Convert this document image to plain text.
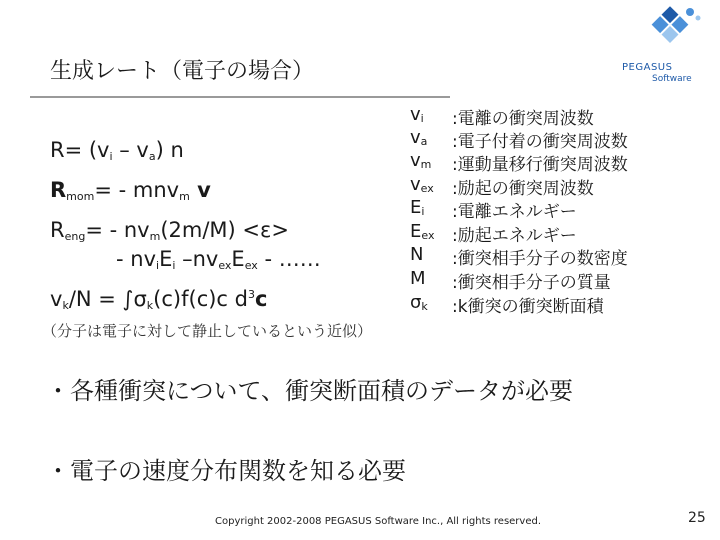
生成レート（電子の場合）	PEGASUS
Software
$R= (v_i - v_a)$ n
$R_{mom}= - mnv_m$ v
$R_{eng}= - nv_m(2m/M) <\varepsilon>$
- $nv_iE_i$ $-nv_{ex}E_{ex}$ - ……
$v_k/N = \int\sigma_k(c)f(c)c$ $d^3c$
（分子は電子に対して静止しているという近似）
$v_i$ :電離の衝突周波数
$v_a$ :電子付着の衝突周波数
$v_m$ :運動量移行衝突周波数
$v_{ex}$ :励起の衝突周波数
$E_i$ :電離エネルギー
$E_{ex}$ :励起エネルギー
N :衝突相手分子の数密度
M :衝突相手分子の質量
$\sigma_k$ :k衝突の衝突断面積
・各種衝突について、衝突断面積のデータが必要
・電子の速度分布関数を知る必要
Copyright 2002-2008 PEGASUS Software Inc., All rights reserved.	25
